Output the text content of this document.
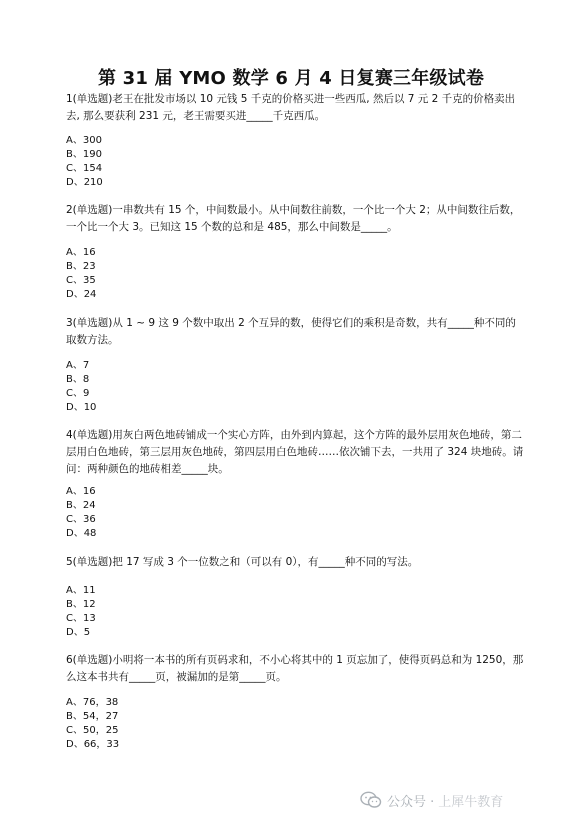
第 31 届 YMO 数学 6 月 4 日复赛三年级试卷
1(单选题)老王在批发市场以 10 元钱 5 千克的价格买进一些西瓜, 然后以 7 元 2 千克的价格卖出去, 那么要获利 231 元，老王需要买进_____千克西瓜。
A、300
B、190
C、154
D、210
2(单选题)一串数共有 15 个，中间数最小。从中间数往前数，一个比一个大 2；从中间数往后数，一个比一个大 3。已知这 15 个数的总和是 485，那么中间数是_____。
A、16
B、23
C、35
D、24
3(单选题)从 1 ~ 9 这 9 个数中取出 2 个互异的数，使得它们的乘积是奇数，共有_____种不同的取数方法。
A、7
B、8
C、9
D、10
4(单选题)用灰白两色地砖铺成一个实心方阵，由外到内算起，这个方阵的最外层用灰色地砖，第二层用白色地砖，第三层用灰色地砖，第四层用白色地砖……依次铺下去，一共用了 324 块地砖。请问：两种颜色的地砖相差_____块。
A、16
B、24
C、36
D、48
5(单选题)把 17 写成 3 个一位数之和（可以有 0），有_____种不同的写法。
A、11
B、12
C、13
D、5
6(单选题)小明将一本书的所有页码求和，不小心将其中的 1 页忘加了，使得页码总和为 1250，那么这本书共有_____页，被漏加的是第_____页。
A、76，38
B、54，27
C、50，25
D、66，33
公众号 · 上犀牛教育
